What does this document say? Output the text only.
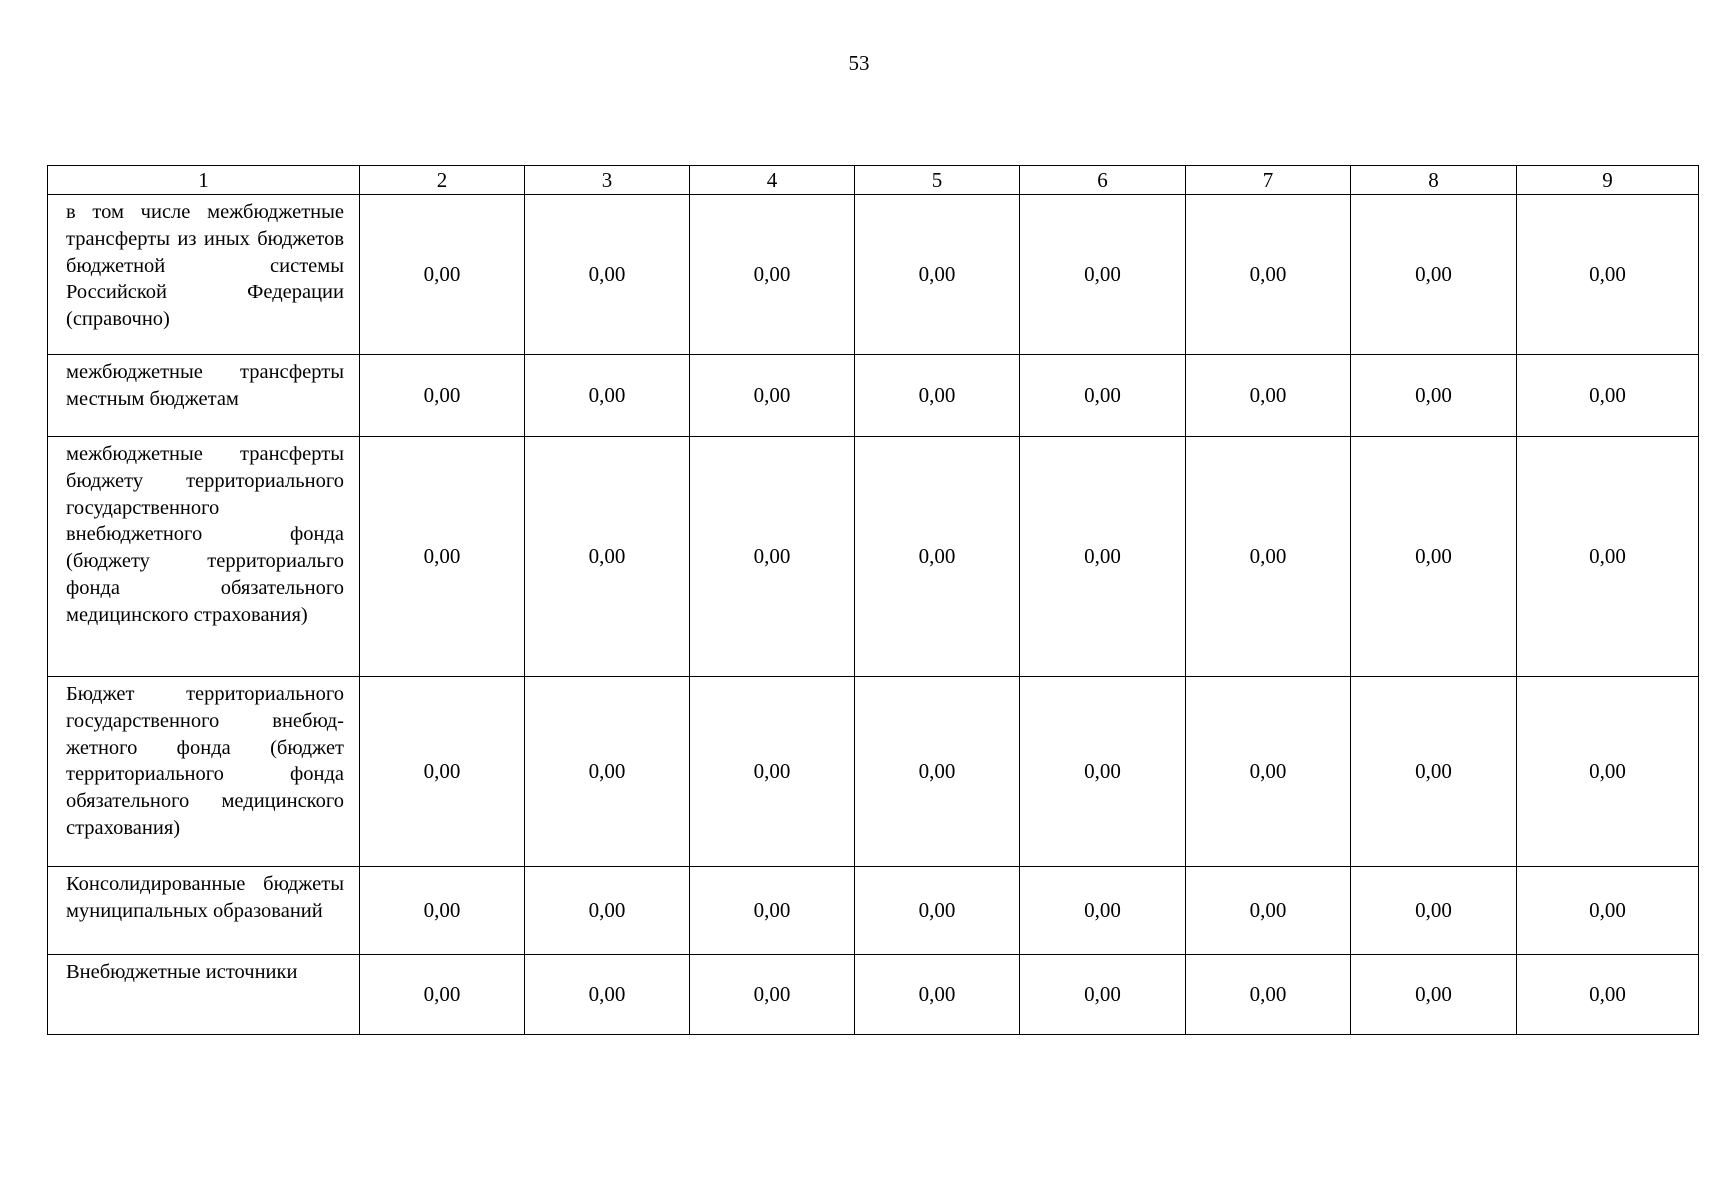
53
1	2	3	4	5	6	7	8	9
в том числе межбюджетные трансферты из иных бюджетов бюджетной системы Российской Федерации (справочно)	0,00	0,00	0,00	0,00	0,00	0,00	0,00	0,00
межбюджетные трансферты местным бюджетам	0,00	0,00	0,00	0,00	0,00	0,00	0,00	0,00
межбюджетные трансферты бюджету территориального государственного внебюджетного фонда (бюджету территориальго фонда обязательного медицинского страхования)	0,00	0,00	0,00	0,00	0,00	0,00	0,00	0,00
Бюджет территориального государственного внебюджетного фонда (бюджет территориального фонда обязательного медицинского страхования)	0,00	0,00	0,00	0,00	0,00	0,00	0,00	0,00
Консолидированные бюджеты муниципальных образований	0,00	0,00	0,00	0,00	0,00	0,00	0,00	0,00
Внебюджетные источники	0,00	0,00	0,00	0,00	0,00	0,00	0,00	0,00
